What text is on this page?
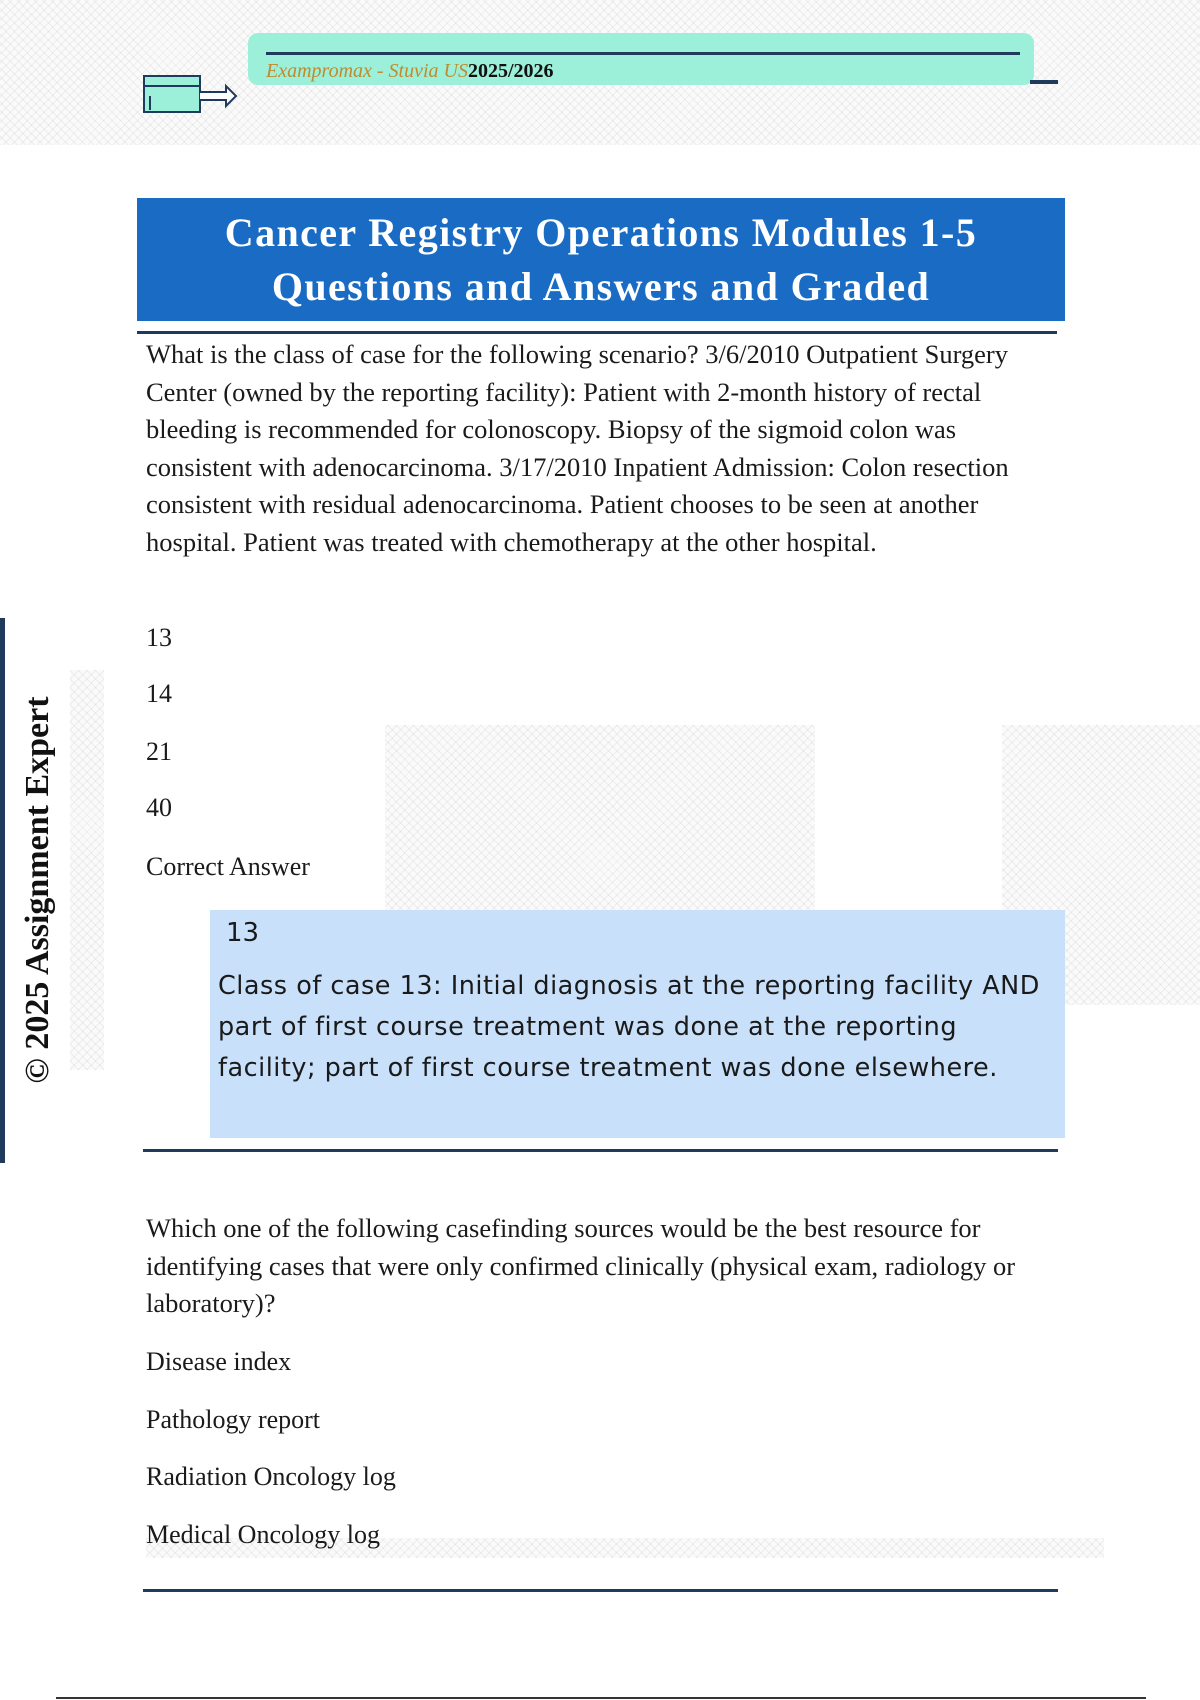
Exampromax - Stuvia US2025/2026
Cancer Registry Operations Modules 1-5
Questions and Answers and Graded
What is the class of case for the following scenario? 3/6/2010 Outpatient Surgery Center (owned by the reporting facility): Patient with 2-month history of rectal bleeding is recommended for colonoscopy. Biopsy of the sigmoid colon was consistent with adenocarcinoma. 3/17/2010 Inpatient Admission: Colon resection consistent with residual adenocarcinoma. Patient chooses to be seen at another hospital. Patient was treated with chemotherapy at the other hospital.
13
14
21
40
Correct Answer
13
Class of case 13: Initial diagnosis at the reporting facility AND part of first course treatment was done at the reporting facility; part of first course treatment was done elsewhere.
Which one of the following casefinding sources would be the best resource for identifying cases that were only confirmed clinically (physical exam, radiology or laboratory)?
Disease index
Pathology report
Radiation Oncology log
Medical Oncology log
© 2025 Assignment Expert
